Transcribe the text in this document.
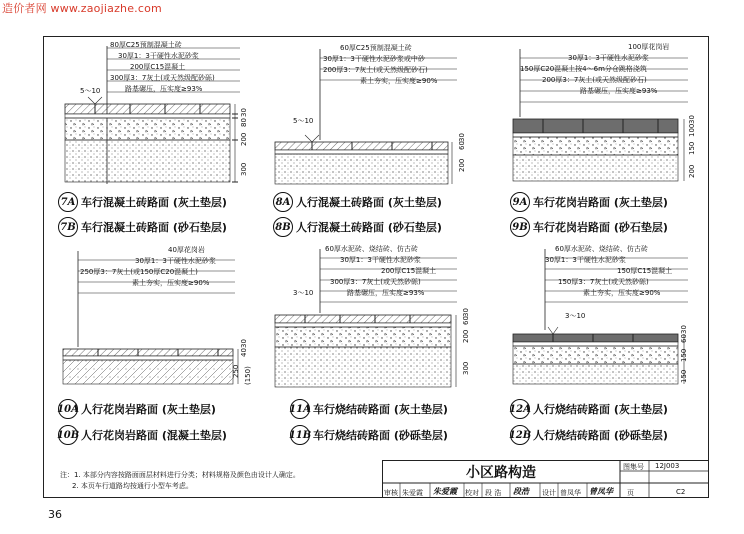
造价者网 www.zaojiazhe.com
36
80厚C25预制混凝土砖
30厚1：3干硬性水泥砂浆
200厚C15混凝土
300厚3：7灰土(或天然级配砂砾)
路基碾压，压实度≥93%
5～10
80
30
200
300
7A 车行混凝土砖路面 (灰土垫层)
7B 车行混凝土砖路面 (砂石垫层)
60厚C25预制混凝土砖
30厚1：3干硬性水泥砂浆或中砂
200厚3：7灰土(或天然级配砂石)
素土夯实，压实度≥90%
5～10
60
30
200
8A 人行混凝土砖路面 (灰土垫层)
8B 人行混凝土砖路面 (砂石垫层)
100厚花岗岩
30厚1：3干硬性水泥砂浆
150厚C20混凝土按4～6m分仓跳格浇筑
200厚3：7灰土(或天然级配砂石)
路基碾压，压实度≥93%
100
30
150
200
9A 车行花岗岩路面 (灰土垫层)
9B 车行花岗岩路面 (砂石垫层)
40厚花岗岩
30厚1：3干硬性水泥砂浆
250厚3：7灰土(或150厚C20混凝土)
素土夯实，压实度≥90%
40
30
250 (150)
10A 人行花岗岩路面 (灰土垫层)
10B 人行花岗岩路面 (混凝土垫层)
60厚水泥砖、烧结砖、仿古砖
30厚1：3干硬性水泥砂浆
200厚C15混凝土
300厚3：7灰土(或天然砂砾)
路基碾压，压实度≥93%
3～10
60
30
200
300
11A 车行烧结砖路面 (灰土垫层)
11B 车行烧结砖路面 (砂砾垫层)
60厚水泥砖、烧结砖、仿古砖
30厚1：3干硬性水泥砂浆
150厚C15混凝土
150厚3：7灰土(或天然砂砾)
素土夯实，压实度≥90%
3～10
60
30
150
150
12A 人行烧结砖路面 (灰土垫层)
12B 人行烧结砖路面 (砂砾垫层)
注：1. 本部分内容按路面面层材料进行分类；材料规格及颜色由设计人确定。
2. 本页车行道路均按通行小型车考虑。
小区路构造	图集号 12J003
审核 朱爱霞 朱爱霞 校对 段 浩 段浩 设计 曾凤华 曾凤华 页	C2
